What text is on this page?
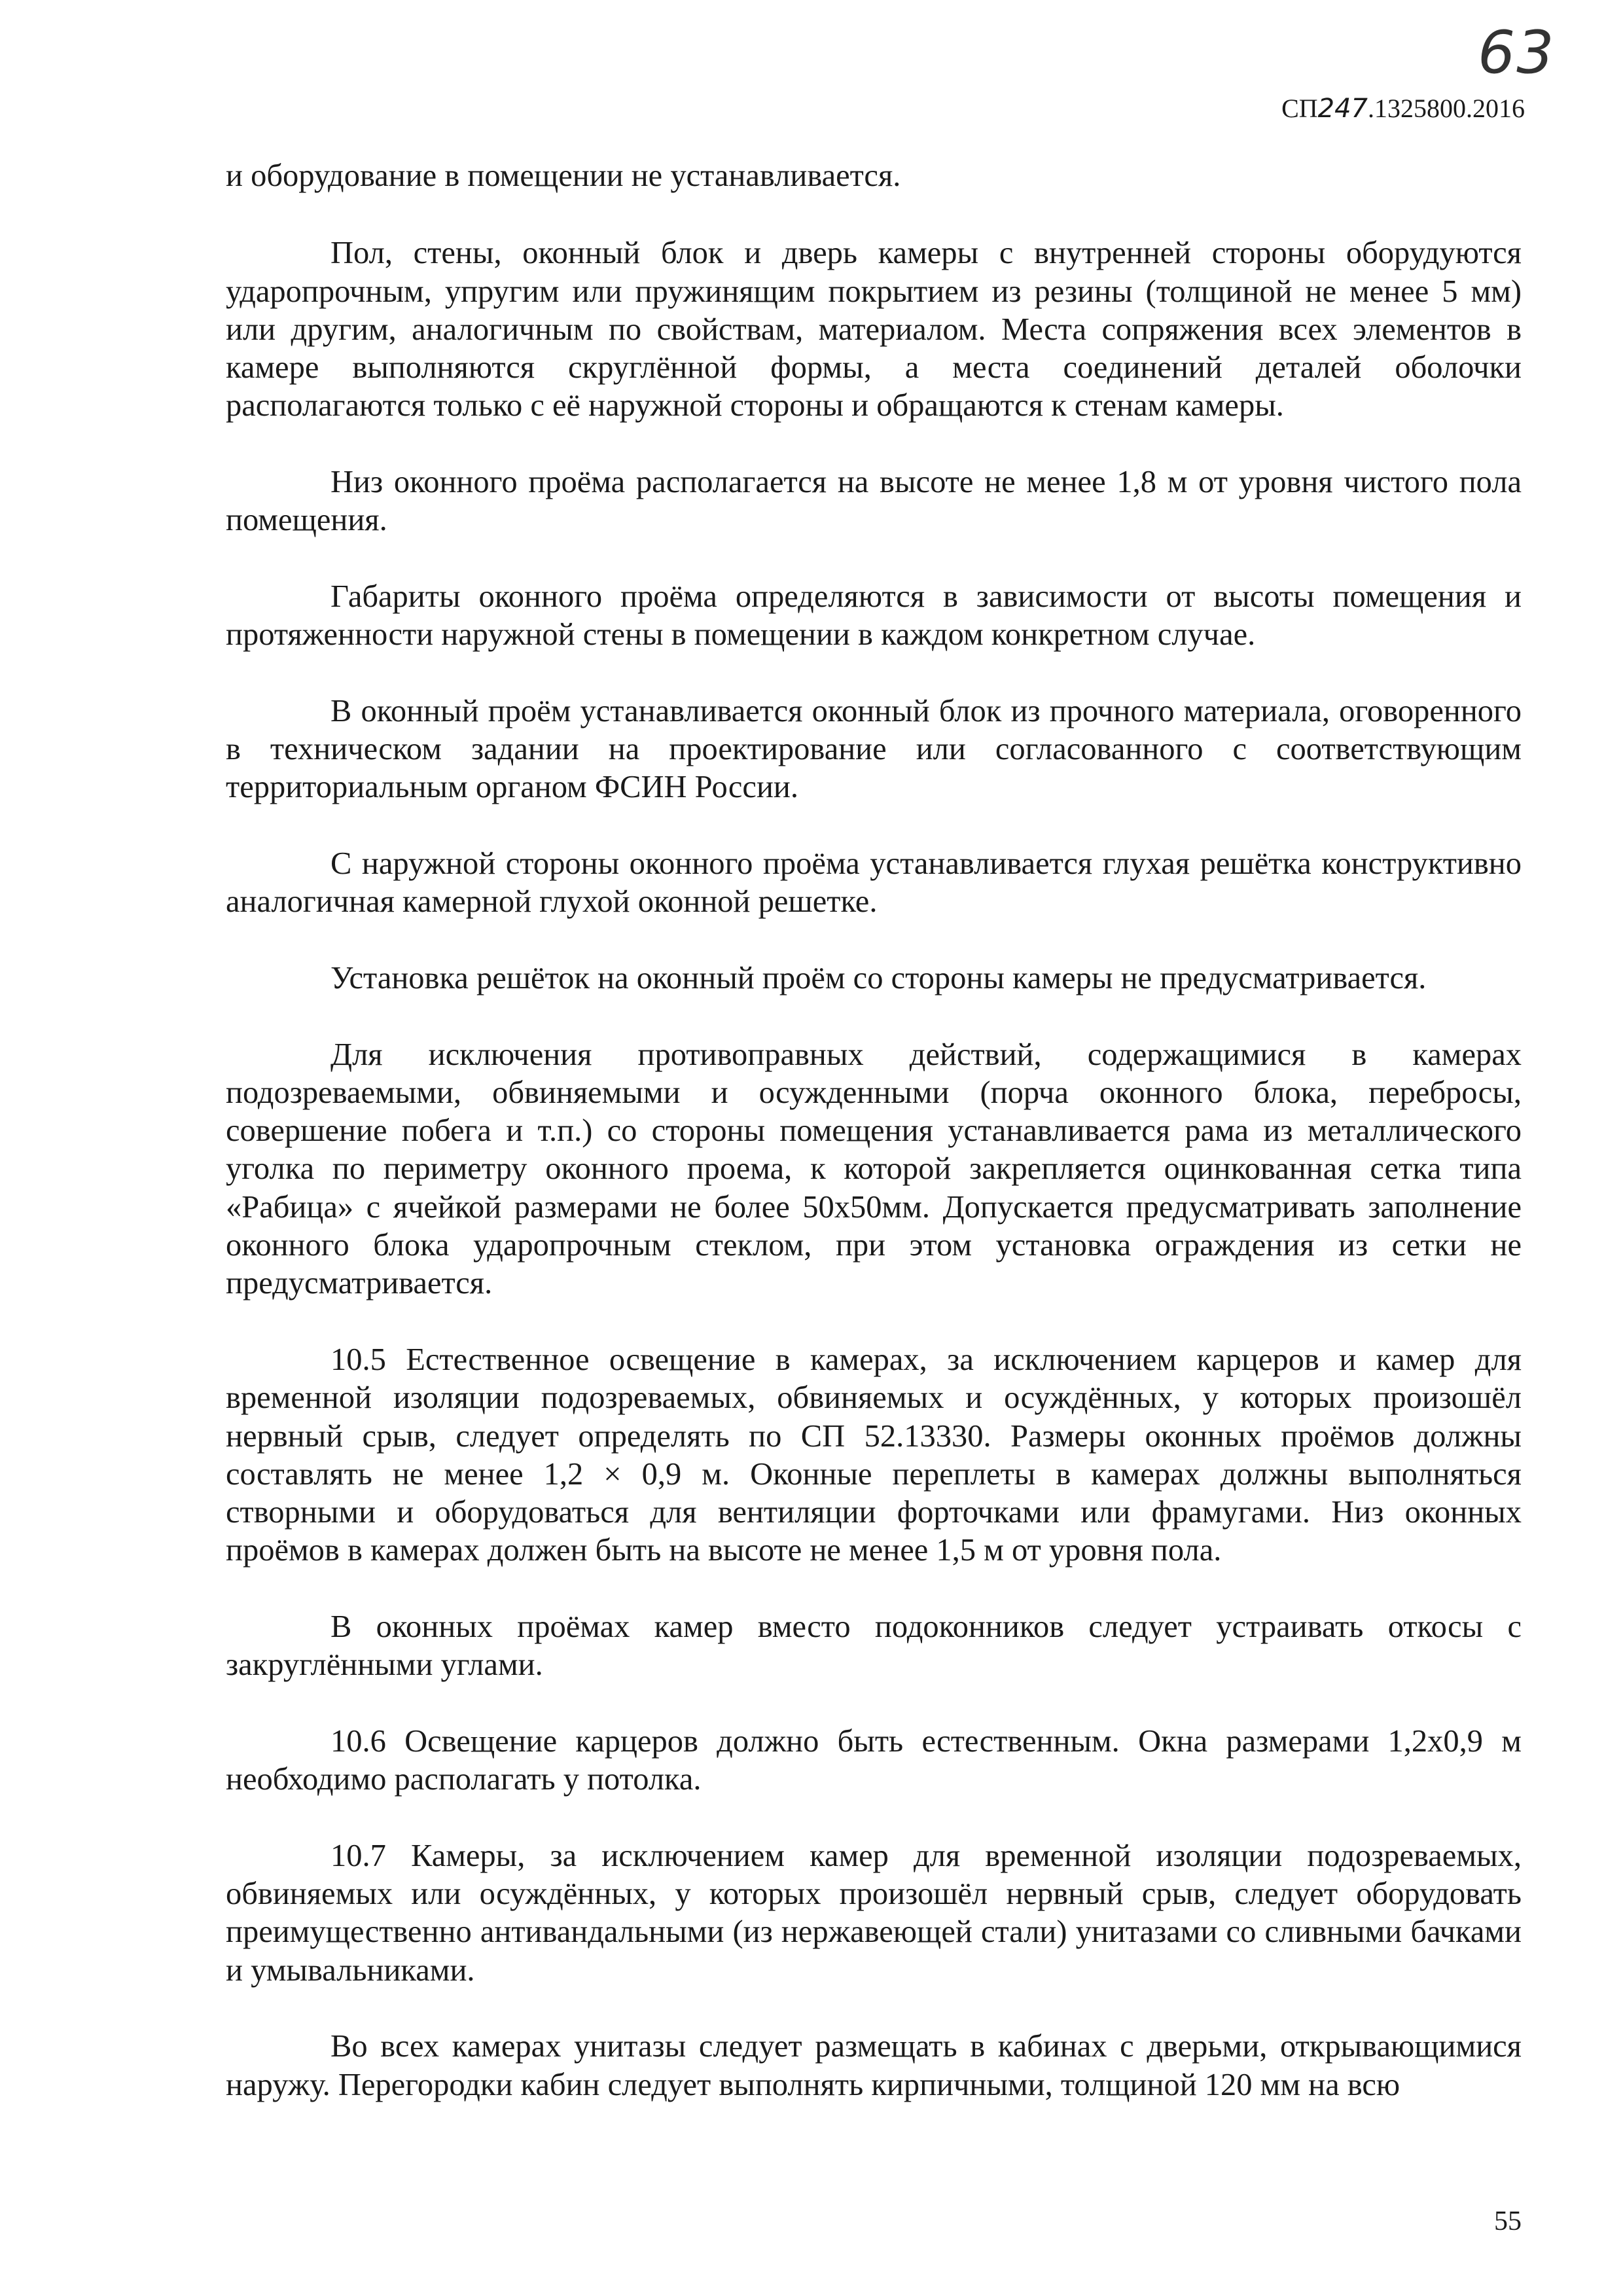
63
СП247.1325800.2016

и оборудование в помещении не устанавливается.

Пол, стены, оконный блок и дверь камеры с внутренней стороны оборудуются ударопрочным, упругим или пружинящим покрытием из резины (толщиной не менее 5 мм) или другим, аналогичным по свойствам, материалом. Места сопряжения всех элементов в камере выполняются скруглённой формы, а места соединений деталей оболочки располагаются только с её наружной стороны и обращаются к стенам камеры.

Низ оконного проёма располагается на высоте не менее 1,8 м от уровня чистого пола помещения.

Габариты оконного проёма определяются в зависимости от высоты помещения и протяженности наружной стены в помещении в каждом конкретном случае.

В оконный проём устанавливается оконный блок из прочного материала, оговоренного в техническом задании на проектирование или согласованного с соответствующим территориальным органом ФСИН России.

С наружной стороны оконного проёма устанавливается глухая решётка конструктивно аналогичная камерной глухой оконной решетке.

Установка решёток на оконный проём со стороны камеры не предусматривается.

Для исключения противоправных действий, содержащимися в камерах подозреваемыми, обвиняемыми и осужденными (порча оконного блока, перебросы, совершение побега и т.п.) со стороны помещения устанавливается рама из металлического уголка по периметру оконного проема, к которой закрепляется оцинкованная сетка типа «Рабица» с ячейкой размерами не более 50х50мм. Допускается предусматривать заполнение оконного блока ударопрочным стеклом, при этом установка ограждения из сетки не предусматривается.

10.5 Естественное освещение в камерах, за исключением карцеров и камер для временной изоляции подозреваемых, обвиняемых и осуждённых, у которых произошёл нервный срыв, следует определять по СП 52.13330. Размеры оконных проёмов должны составлять не менее 1,2 × 0,9 м. Оконные переплеты в камерах должны выполняться створными и оборудоваться для вентиляции форточками или фрамугами. Низ оконных проёмов в камерах должен быть на высоте не менее 1,5 м от уровня пола.

В оконных проёмах камер вместо подоконников следует устраивать откосы с закруглёнными углами.

10.6 Освещение карцеров должно быть естественным. Окна размерами 1,2х0,9 м необходимо располагать у потолка.

10.7 Камеры, за исключением камер для временной изоляции подозреваемых, обвиняемых или осуждённых, у которых произошёл нервный срыв, следует оборудовать преимущественно антивандальными (из нержавеющей стали) унитазами со сливными бачками и умывальниками.

Во всех камерах унитазы следует размещать в кабинах с дверьми, открывающимися наружу. Перегородки кабин следует выполнять кирпичными, толщиной 120 мм на всю

55
